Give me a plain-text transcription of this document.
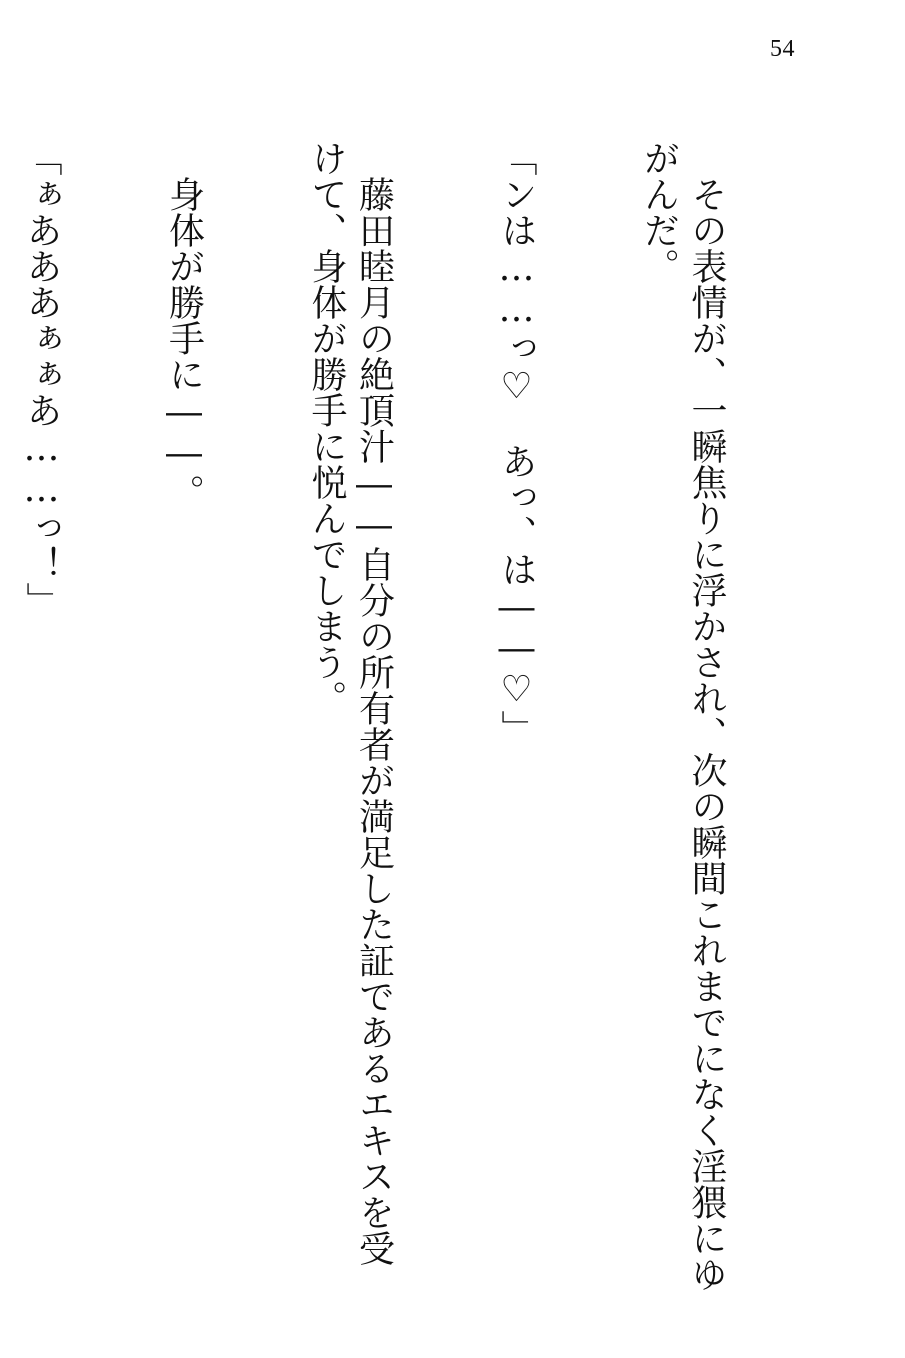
54

　その表情が、一瞬焦りに浮かされ、次の瞬間これまでになく淫猥にゆがんだ。

「ンは……っ♡　あっ、は――♡」

　藤田睦月の絶頂汁――自分の所有者が満足した証であるエキスを受けて、身体が勝手に悦んでしまう。

　身体が勝手に――。

「ぁあああぁぁあ……っ！」
